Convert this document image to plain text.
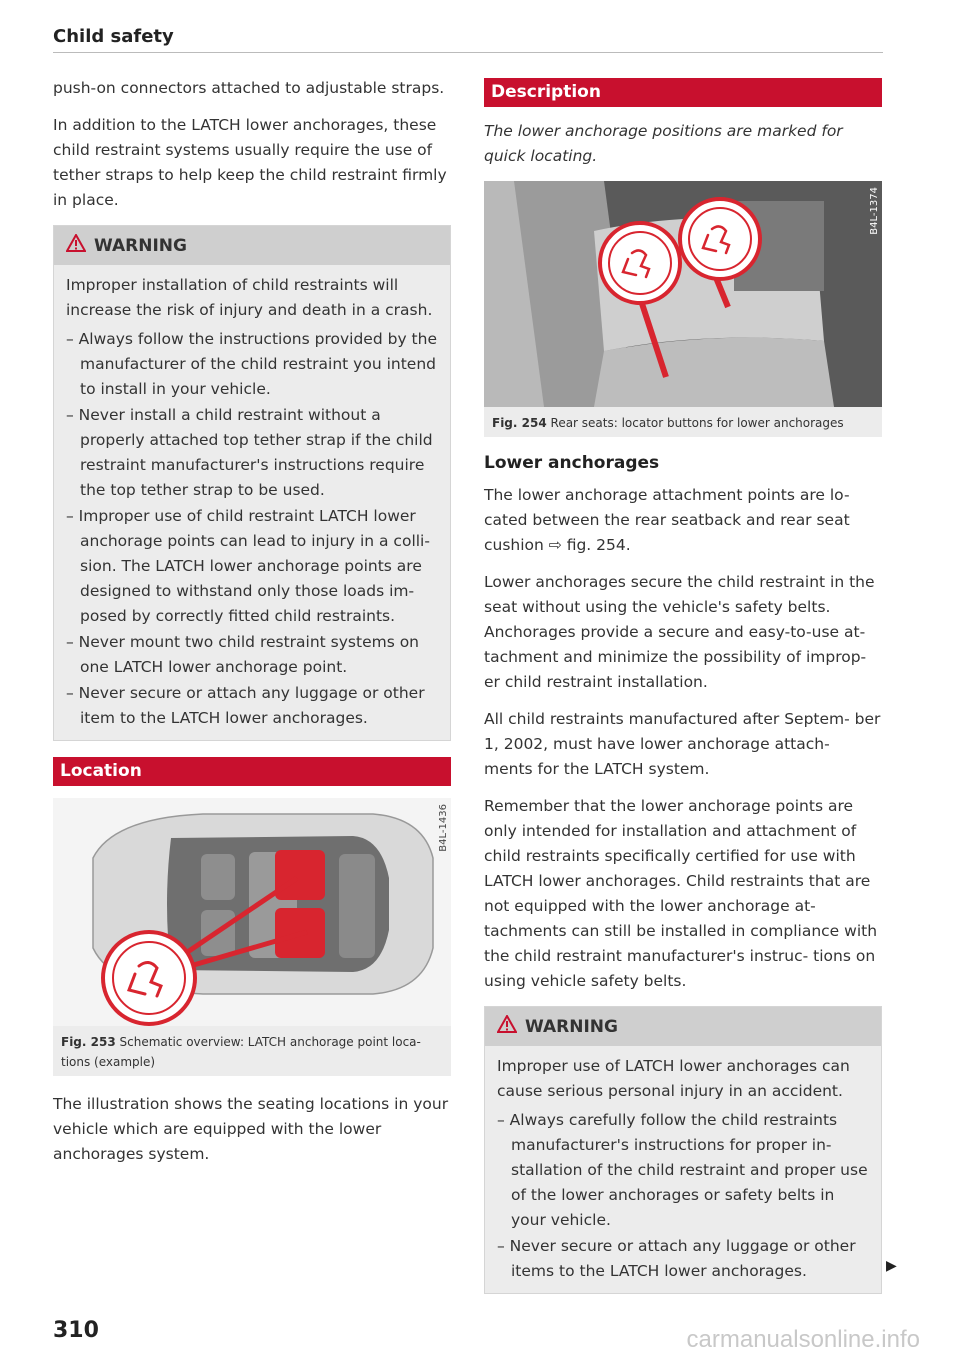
Child safety

push-on connectors attached to adjustable straps.

In addition to the LATCH lower anchorages, these child restraint systems usually require the use of tether straps to help keep the child restraint firmly in place.

WARNING

Improper installation of child restraints will increase the risk of injury and death in a crash.

– Always follow the instructions provided by the manufacturer of the child restraint you intend to install in your vehicle.
– Never install a child restraint without a properly attached top tether strap if the child restraint manufacturer's instructions require the top tether strap to be used.
– Improper use of child restraint LATCH lower anchorage points can lead to injury in a colli- sion. The LATCH lower anchorage points are designed to withstand only those loads im- posed by correctly fitted child restraints.
– Never mount two child restraint systems on one LATCH lower anchorage point.
– Never secure or attach any luggage or other item to the LATCH lower anchorages.
Location
B4L-1436
Fig. 253 Schematic overview: LATCH anchorage point loca- tions (example)

The illustration shows the seating locations in your vehicle which are equipped with the lower anchorages system.

Description

The lower anchorage positions are marked for quick locating.

B4L-1374
Fig. 254 Rear seats: locator buttons for lower anchorages
Lower anchorages

The lower anchorage attachment points are lo- cated between the rear seatback and rear seat cushion ⇨ fig. 254.

Lower anchorages secure the child restraint in the seat without using the vehicle's safety belts. Anchorages provide a secure and easy-to-use at- tachment and minimize the possibility of improp- er child restraint installation.

All child restraints manufactured after Septem- ber 1, 2002, must have lower anchorage attach- ments for the LATCH system.

Remember that the lower anchorage points are only intended for installation and attachment of child restraints specifically certified for use with LATCH lower anchorages. Child restraints that are not equipped with the lower anchorage at- tachments can still be installed in compliance with the child restraint manufacturer's instruc- tions on using vehicle safety belts.

WARNING

Improper use of LATCH lower anchorages can cause serious personal injury in an accident.

– Always carefully follow the child restraints manufacturer's instructions for proper in- stallation of the child restraint and proper use of the lower anchorages or safety belts in your vehicle.
– Never secure or attach any luggage or other items to the LATCH lower anchorages.	▶
310	carmanualsonline.info
